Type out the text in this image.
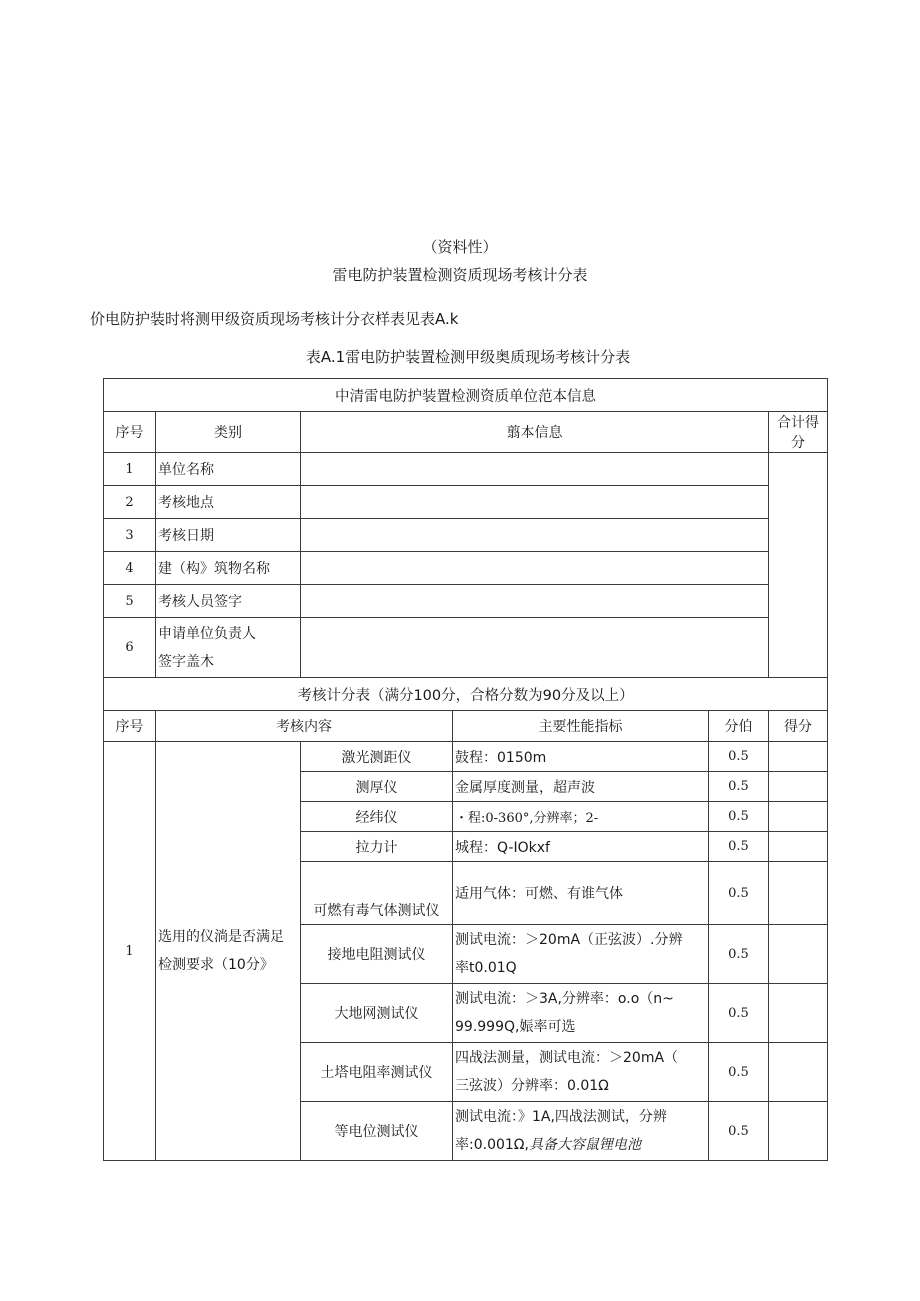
（资料性）
雷电防护装置检测资质现场考核计分表
价电防护装时将测甲级资质现场考核计分衣样表见表A.k
表A.1雷电防护装置检测甲级奥质现场考核计分表
中清雷电防护装置检测资质单位范本信息					
序号	类别	翦本信息			合计得分
1	单位名称				
2	考核地点				
3	考核日期				
4	建（构》筑物名称				
5	考核人员签字				
6	申请单位负责人
签字盖木				

考核计分表（满分100分，合格分数为90分及以上）					
序号	考核内容		主要性能指标	分伯	得分
1	选用的仪淌是否满足
检测要求（10分》	激光测距仪	鼓程：0150m	0.5	
		测厚仪	金属厚度测量，超声波	0.5	
		经纬仪	・程:0-360°,分辨率；2-	0.5	
		拉力计	城程：Q-IOkxf	0.5	
		可燃有毒气体测试仪	适用气体：可燃、有谁气体	0.5	
		接地电阻测试仪	测试电流：＞20mA（正弦波）.分辨
率t0.01Q	0.5	
		大地网测试仪	测试电流：＞3A,分辨率：o.o（n~
99.999Q,娠率可选	0.5	
		土塔电阻率测试仪	四战法测量，测试电流：＞20mA（
三弦波）分辨率：0.01Ω	0.5	
		等电位测试仪	测试电流：》1A,四战法测试，分辨
率:0.001Ω,具备大容鼠锂电池	0.5	
